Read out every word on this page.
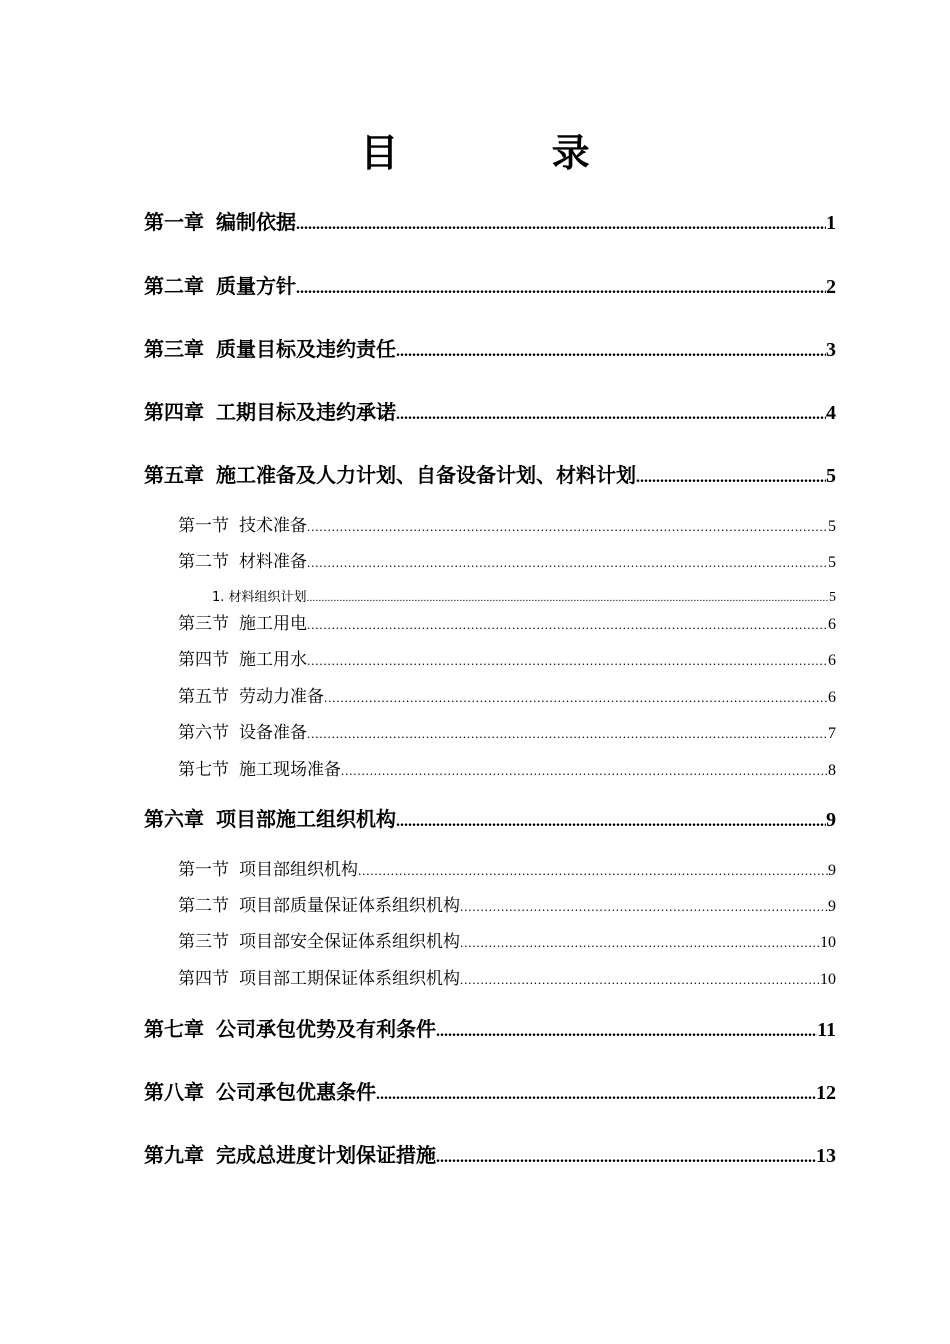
目 录
第一章 编制依据 . . .	1
第二章 质量方针 . . .	2
第三章 质量目标及违约责任 . . .	3
第四章 工期目标及违约承诺 . . .	4
第五章 施工准备及人力计划、自备设备计划、材料计划 . . .	5
第一节 技术准备 . . .	5
第二节 材料准备 . . .	5
1. 材料组织计划 . . .	5
第三节 施工用电 . . .	6
第四节 施工用水 . . .	6
第五节 劳动力准备 . . .	6
第六节 设备准备 . . .	7
第七节 施工现场准备 . . .	8
第六章 项目部施工组织机构 . . .	9
第一节 项目部组织机构 . . .	9
第二节 项目部质量保证体系组织机构 . . .	9
第三节 项目部安全保证体系组织机构 . . .	10
第四节 项目部工期保证体系组织机构 . . .	10
第七章 公司承包优势及有利条件 . . .	11
第八章 公司承包优惠条件 . . .	12
第九章 完成总进度计划保证措施 . . .	13
